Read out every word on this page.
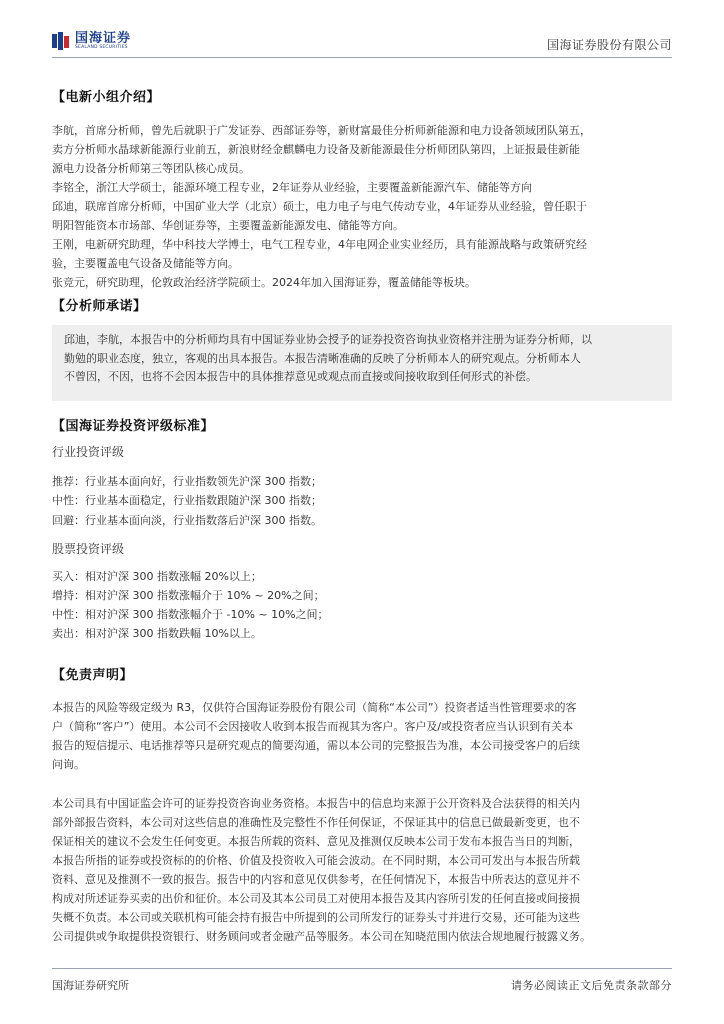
国海证券
SEALAND SECURITIES	国海证券股份有限公司
【电新小组介绍】

李航，首席分析师，曾先后就职于广发证券、西部证券等，新财富最佳分析师新能源和电力设备领域团队第五，

卖方分析师水晶球新能源行业前五，新浪财经金麒麟电力设备及新能源最佳分析师团队第四，上证报最佳新能

源电力设备分析师第三等团队核心成员。

李铭全，浙江大学硕士，能源环境工程专业，2年证券从业经验，主要覆盖新能源汽车、储能等方向

邱迪，联席首席分析师，中国矿业大学（北京）硕士，电力电子与电气传动专业，4年证券从业经验，曾任职于

明阳智能资本市场部、华创证券等，主要覆盖新能源发电、储能等方向。

王刚，电新研究助理，华中科技大学博士，电气工程专业，4年电网企业实业经历，具有能源战略与政策研究经

验，主要覆盖电气设备及储能等方向。

张竞元，研究助理，伦敦政治经济学院硕士。2024年加入国海证券，覆盖储能等板块。

【分析师承诺】
邱迪，李航，本报告中的分析师均具有中国证券业协会授予的证券投资咨询执业资格并注册为证券分析师，以
勤勉的职业态度，独立，客观的出具本报告。本报告清晰准确的反映了分析师本人的研究观点。分析师本人
不曾因，不因，也将不会因本报告中的具体推荐意见或观点而直接或间接收取到任何形式的补偿。
【国海证券投资评级标准】
行业投资评级
推荐：行业基本面向好，行业指数领先沪深 300 指数；
中性：行业基本面稳定，行业指数跟随沪深 300 指数；
回避：行业基本面向淡，行业指数落后沪深 300 指数。
股票投资评级
买入：相对沪深 300 指数涨幅 20%以上；
增持：相对沪深 300 指数涨幅介于 10% ~ 20%之间；
中性：相对沪深 300 指数涨幅介于 -10% ~ 10%之间；
卖出：相对沪深 300 指数跌幅 10%以上。
【免责声明】

本报告的风险等级定级为 R3，仅供符合国海证券股份有限公司（简称“本公司”）投资者适当性管理要求的客

户（简称“客户”）使用。本公司不会因接收人收到本报告而视其为客户。客户及/或投资者应当认识到有关本

报告的短信提示、电话推荐等只是研究观点的简要沟通，需以本公司的完整报告为准，本公司接受客户的后续

问询。

本公司具有中国证监会许可的证券投资咨询业务资格。本报告中的信息均来源于公开资料及合法获得的相关内

部外部报告资料，本公司对这些信息的准确性及完整性不作任何保证，不保证其中的信息已做最新变更，也不

保证相关的建议不会发生任何变更。本报告所载的资料、意见及推测仅反映本公司于发布本报告当日的判断，

本报告所指的证券或投资标的的价格、价值及投资收入可能会波动。在不同时期，本公司可发出与本报告所载

资料、意见及推测不一致的报告。报告中的内容和意见仅供参考，在任何情况下，本报告中所表达的意见并不

构成对所述证券买卖的出价和征价。本公司及其本公司员工对使用本报告及其内容所引发的任何直接或间接损

失概不负责。本公司或关联机构可能会持有报告中所提到的公司所发行的证券头寸并进行交易，还可能为这些

公司提供或争取提供投资银行、财务顾问或者金融产品等服务。本公司在知晓范围内依法合规地履行披露义务。

国海证券研究所	请务必阅读正文后免责条款部分
